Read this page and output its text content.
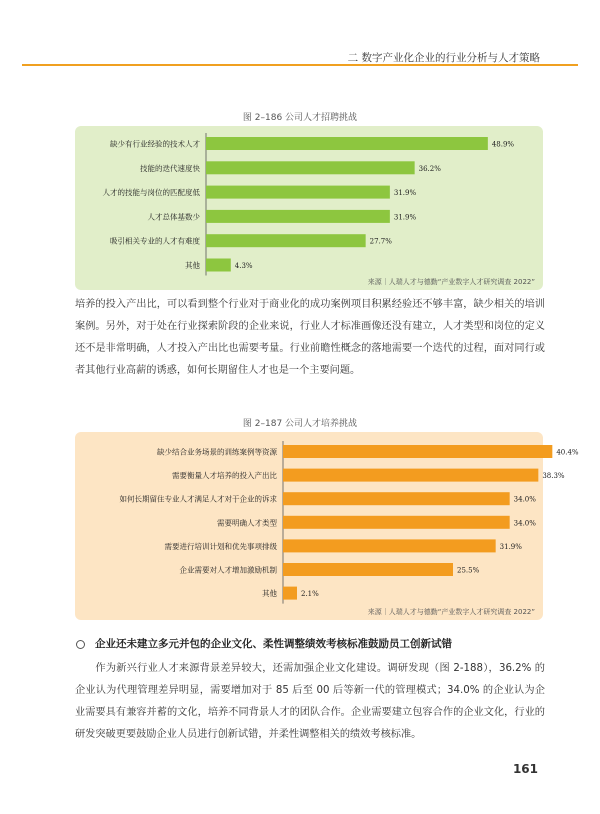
二 数字产业化企业的行业分析与人才策略
图 2–186 公司人才招聘挑战
缺少有行业经验的技术人才	48.9%
技能的迭代速度快	36.2%
人才的技能与岗位的匹配度低	31.9%
人才总体基数少	31.9%
吸引相关专业的人才有难度	27.7%
其他	4.3%
来源｜人瑞人才与德勤“产业数字人才研究调查 2022”

培养的投入产出比，可以看到整个行业对于商业化的成功案例项目积累经验还不够丰富，缺少相关的培训案例。另外，对于处在行业探索阶段的企业来说，行业人才标准画像还没有建立，人才类型和岗位的定义还不是非常明确，人才投入产出比也需要考量。行业前瞻性概念的落地需要一个迭代的过程，面对同行或者其他行业高薪的诱惑，如何长期留住人才也是一个主要问题。

图 2–187 公司人才培养挑战
缺少结合业务场景的训练案例等资源	40.4%
需要衡量人才培养的投入产出比	38.3%
如何长期留住专业人才满足人才对于企业的诉求	34.0%
需要明确人才类型	34.0%
需要进行培训计划和优先事项排级	31.9%
企业需要对人才增加激励机制	25.5%
其他	2.1%
来源｜人瑞人才与德勤“产业数字人才研究调查 2022”
企业还未建立多元并包的企业文化、柔性调整绩效考核标准鼓励员工创新试错

作为新兴行业人才来源背景差异较大，还需加强企业文化建设。调研发现（图 2-188），36.2% 的企业认为代理管理差异明显，需要增加对于 85 后至 00 后等新一代的管理模式；34.0% 的企业认为企业需要具有兼容并蓄的文化，培养不同背景人才的团队合作。企业需要建立包容合作的企业文化，行业的研发突破更要鼓励企业人员进行创新试错，并柔性调整相关的绩效考核标准。

161
